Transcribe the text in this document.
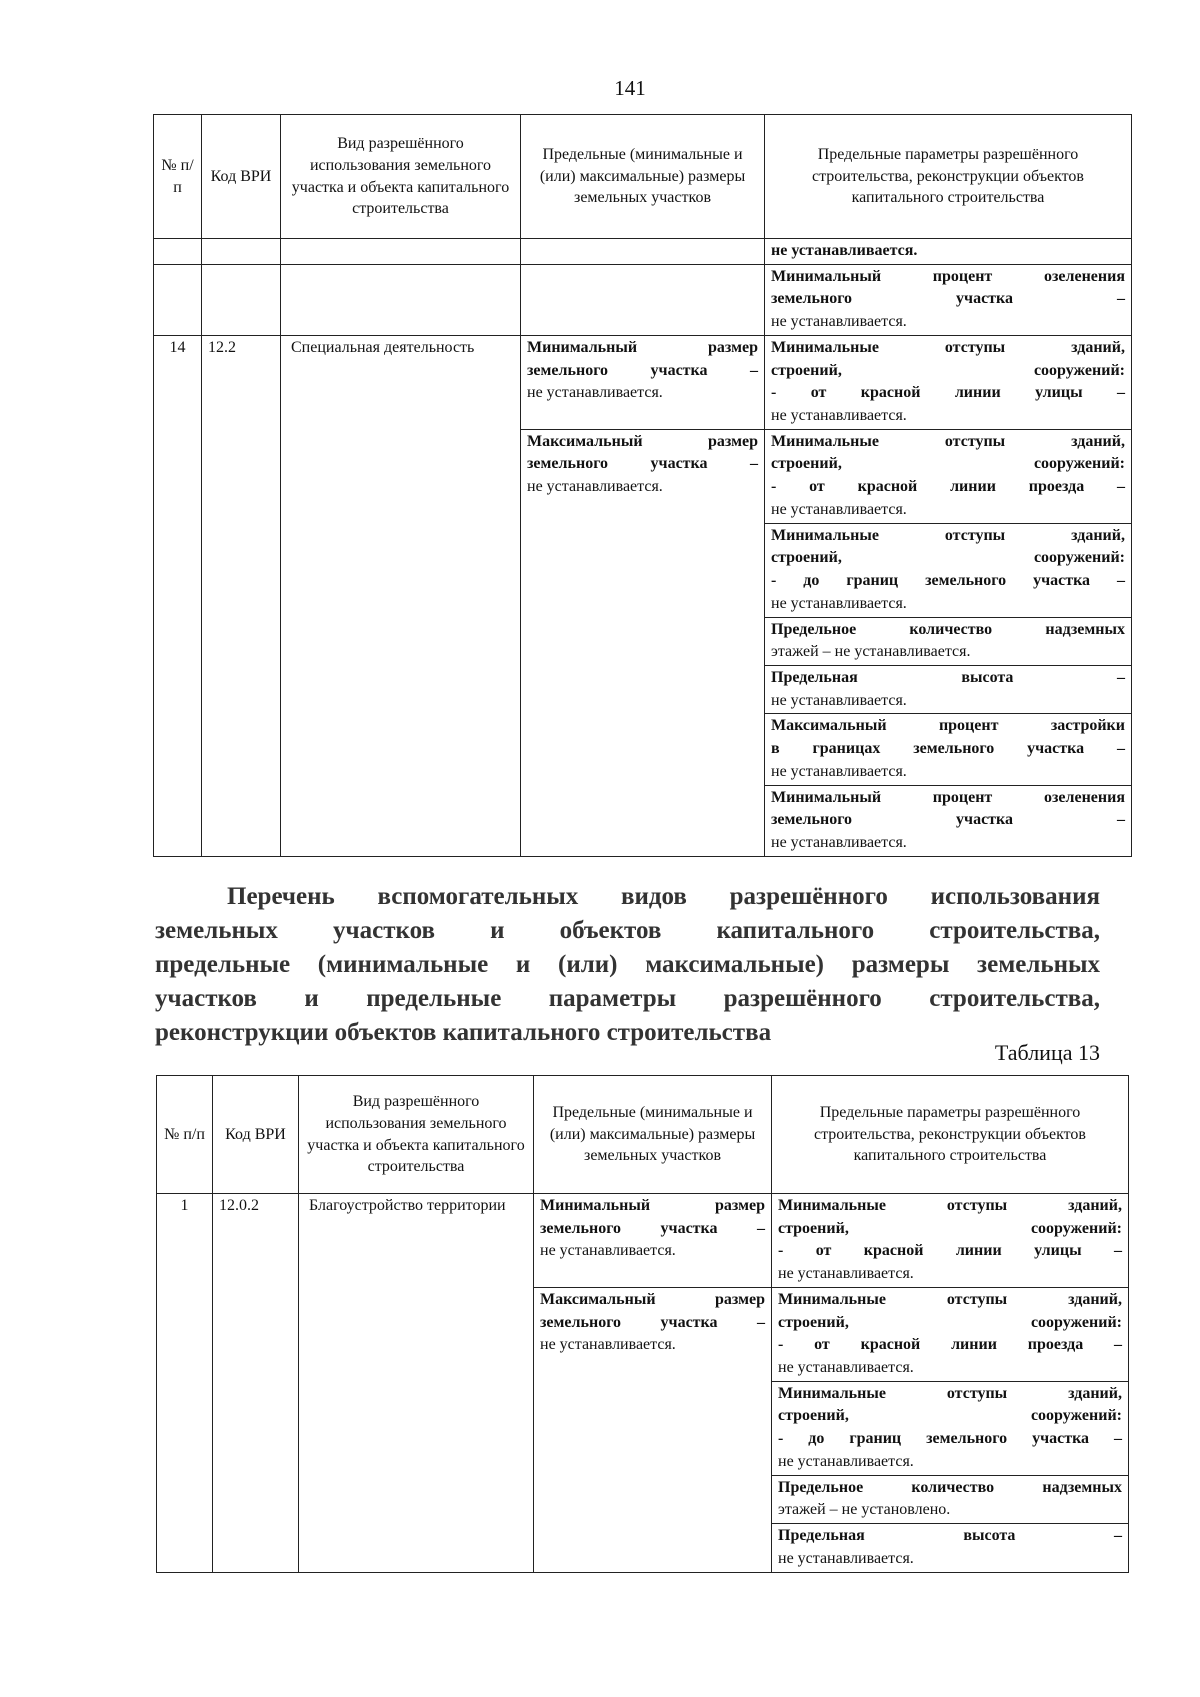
141
№ п/п	Код ВРИ	Вид разрешённого использования земельного участка и объекта капитального строительства	Предельные (минимальные и (или) максимальные) размеры земельных участков	Предельные параметры разрешённого строительства, реконструкции объектов капитального строительства

				не устанавливается.

				Минимальный процент озеленения
земельного участка –
не устанавливается.

14	12.2	Специальная деятельность	Минимальный размер
земельного участка –
не устанавливается.	Минимальные отступы зданий,
строений, сооружений:
- от красной линии улицы –
не устанавливается.

			Максимальный размер
земельного участка –
не устанавливается.	Минимальные отступы зданий,
строений, сооружений:
- от красной линии проезда –
не устанавливается.

				Минимальные отступы зданий,
строений, сооружений:
- до границ земельного участка –
не устанавливается.

				Предельное количество надземных
этажей – не устанавливается.

				Предельная высота –
не устанавливается.

				Максимальный процент застройки
в границах земельного участка –
не устанавливается.

				Минимальный процент озеленения
земельного участка –
не устанавливается.
Перечень вспомогательных видов разрешённого использования
земельных участков и объектов капитального строительства,
предельные (минимальные и (или) максимальные) размеры земельных
участков и предельные параметры разрешённого строительства,
реконструкции объектов капитального строительства
Таблица 13
№ п/п	Код ВРИ	Вид разрешённого использования земельного участка и объекта капитального строительства	Предельные (минимальные и (или) максимальные) размеры земельных участков	Предельные параметры разрешённого строительства, реконструкции объектов капитального строительства
1	12.0.2	Благоустройство территории	Минимальный размер
земельного участка –
не устанавливается.	Минимальные отступы зданий,
строений, сооружений:
- от красной линии улицы –
не устанавливается.

			Максимальный размер
земельного участка –
не устанавливается.	Минимальные отступы зданий,
строений, сооружений:
- от красной линии проезда –
не устанавливается.

				Минимальные отступы зданий,
строений, сооружений:
- до границ земельного участка –
не устанавливается.

				Предельное количество надземных
этажей – не установлено.

				Предельная высота –
не устанавливается.
